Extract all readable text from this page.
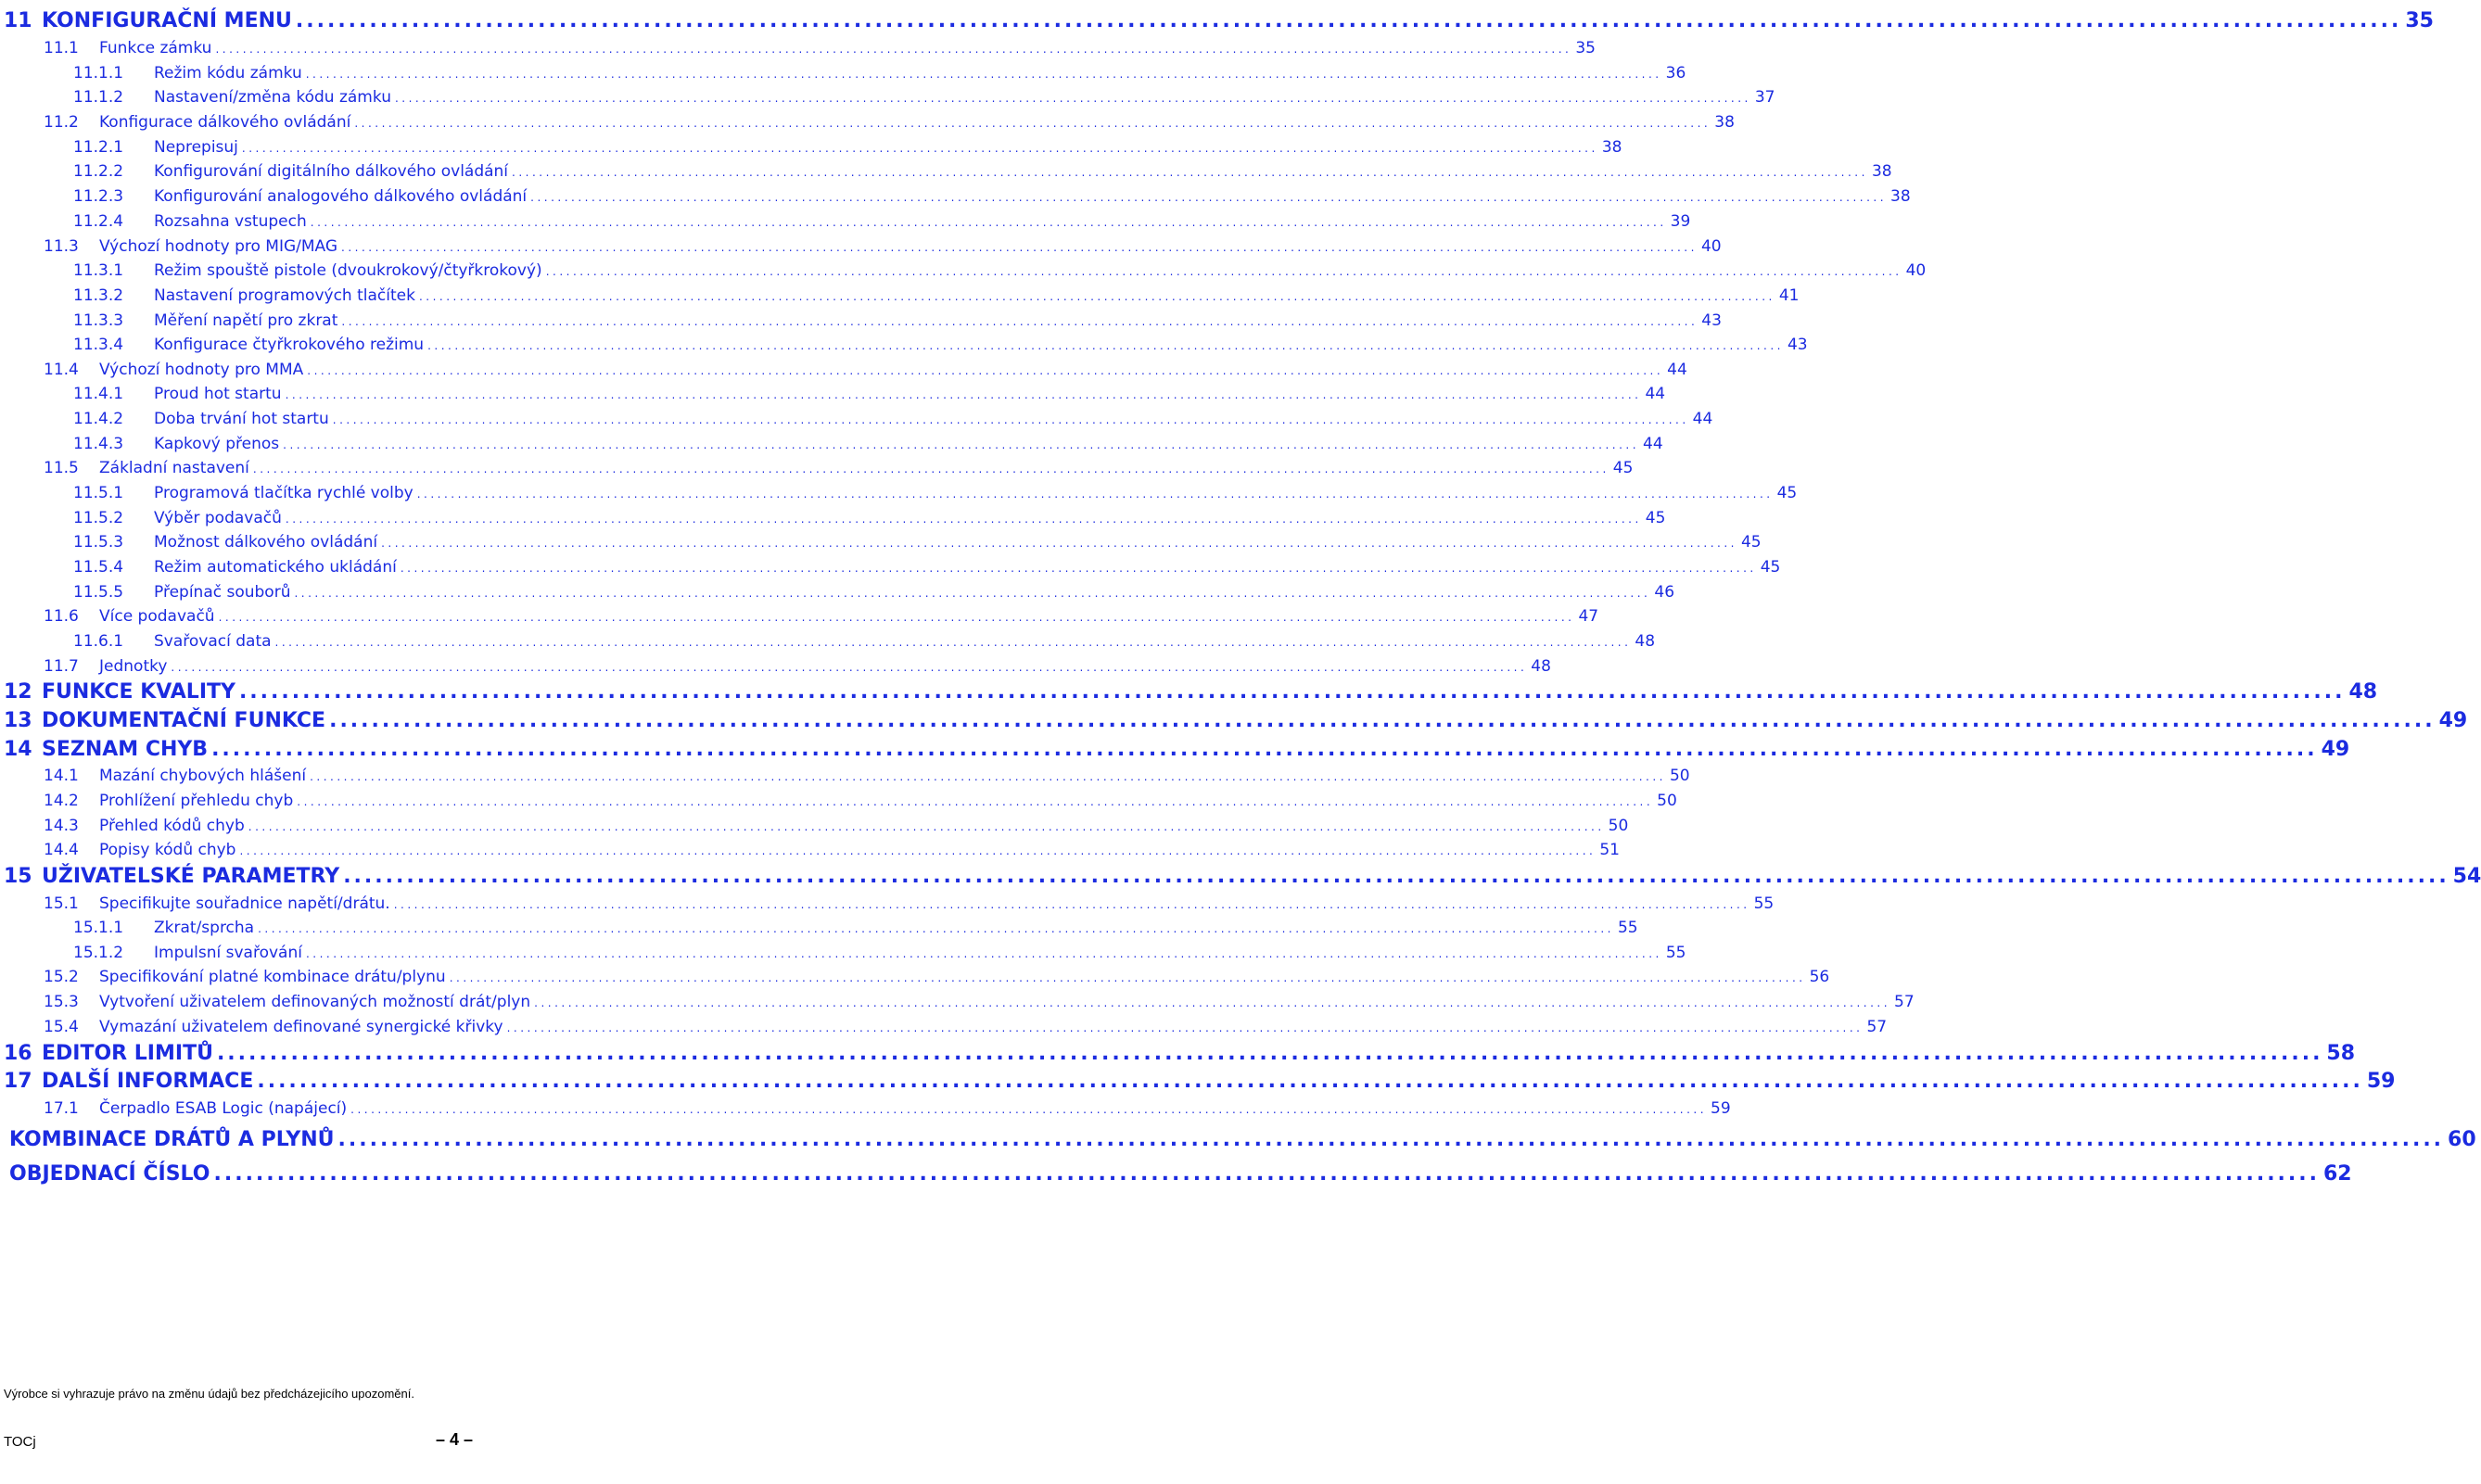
11 KONFIGURAČNÍ MENU ........................................................................................................................................................................................................ 35
11.1	Funkce zámku ........................................................................................................................................................................................................ 35
11.1.1	Režim kódu zámku ........................................................................................................................................................................................................ 36
11.1.2	Nastavení/změna kódu zámku ........................................................................................................................................................................................................ 37
11.2	Konfigurace dálkového ovládání ........................................................................................................................................................................................................ 38
11.2.1	Neprepisuj ........................................................................................................................................................................................................ 38
11.2.2	Konfigurování digitálního dálkového ovládání ........................................................................................................................................................................................................ 38
11.2.3	Konfigurování analogového dálkového ovládání ........................................................................................................................................................................................................ 38
11.2.4	Rozsahna vstupech ........................................................................................................................................................................................................ 39
11.3	Výchozí hodnoty pro MIG/MAG ........................................................................................................................................................................................................ 40
11.3.1	Režim spouště pistole (dvoukrokový/čtyřkrokový) ........................................................................................................................................................................................................ 40
11.3.2	Nastavení programových tlačítek ........................................................................................................................................................................................................ 41
11.3.3	Měření napětí pro zkrat ........................................................................................................................................................................................................ 43
11.3.4	Konfigurace čtyřkrokového režimu ........................................................................................................................................................................................................ 43
11.4	Výchozí hodnoty pro MMA ........................................................................................................................................................................................................ 44
11.4.1	Proud hot startu ........................................................................................................................................................................................................ 44
11.4.2	Doba trvání hot startu ........................................................................................................................................................................................................ 44
11.4.3	Kapkový přenos ........................................................................................................................................................................................................ 44
11.5	Základní nastavení ........................................................................................................................................................................................................ 45
11.5.1	Programová tlačítka rychlé volby ........................................................................................................................................................................................................ 45
11.5.2	Výběr podavačů ........................................................................................................................................................................................................ 45
11.5.3	Možnost dálkového ovládání ........................................................................................................................................................................................................ 45
11.5.4	Režim automatického ukládání ........................................................................................................................................................................................................ 45
11.5.5	Přepínač souborů ........................................................................................................................................................................................................ 46
11.6	Více podavačů ........................................................................................................................................................................................................ 47
11.6.1	Svařovací data ........................................................................................................................................................................................................ 48
11.7	Jednotky ........................................................................................................................................................................................................ 48
12 FUNKCE KVALITY ........................................................................................................................................................................................................ 48
13 DOKUMENTAČNÍ FUNKCE ........................................................................................................................................................................................................ 49
14 SEZNAM CHYB ........................................................................................................................................................................................................ 49
14.1	Mazání chybových hlášení ........................................................................................................................................................................................................ 50
14.2	Prohlížení přehledu chyb ........................................................................................................................................................................................................ 50
14.3	Přehled kódů chyb ........................................................................................................................................................................................................ 50
14.4	Popisy kódů chyb ........................................................................................................................................................................................................ 51
15 UŽIVATELSKÉ PARAMETRY ........................................................................................................................................................................................................ 54
15.1	Specifikujte souřadnice napětí/drátu. ........................................................................................................................................................................................................ 55
15.1.1	Zkrat/sprcha ........................................................................................................................................................................................................ 55
15.1.2	Impulsní svařování ........................................................................................................................................................................................................ 55
15.2	Specifikování platné kombinace drátu/plynu ........................................................................................................................................................................................................ 56
15.3	Vytvoření uživatelem definovaných možností drát/plyn ........................................................................................................................................................................................................ 57
15.4	Vymazání uživatelem definované synergické křivky ........................................................................................................................................................................................................ 57
16 EDITOR LIMITŮ ........................................................................................................................................................................................................ 58
17 DALŠÍ INFORMACE ........................................................................................................................................................................................................ 59
17.1	Čerpadlo ESAB Logic (napájecí) ........................................................................................................................................................................................................ 59
KOMBINACE DRÁTŮ A PLYNŮ ........................................................................................................................................................................................................ 60
OBJEDNACÍ ČÍSLO ........................................................................................................................................................................................................ 62
Výrobce si vyhrazuje právo na změnu údajů bez předcházejicího upozomění.
TOCj	– 4 –
